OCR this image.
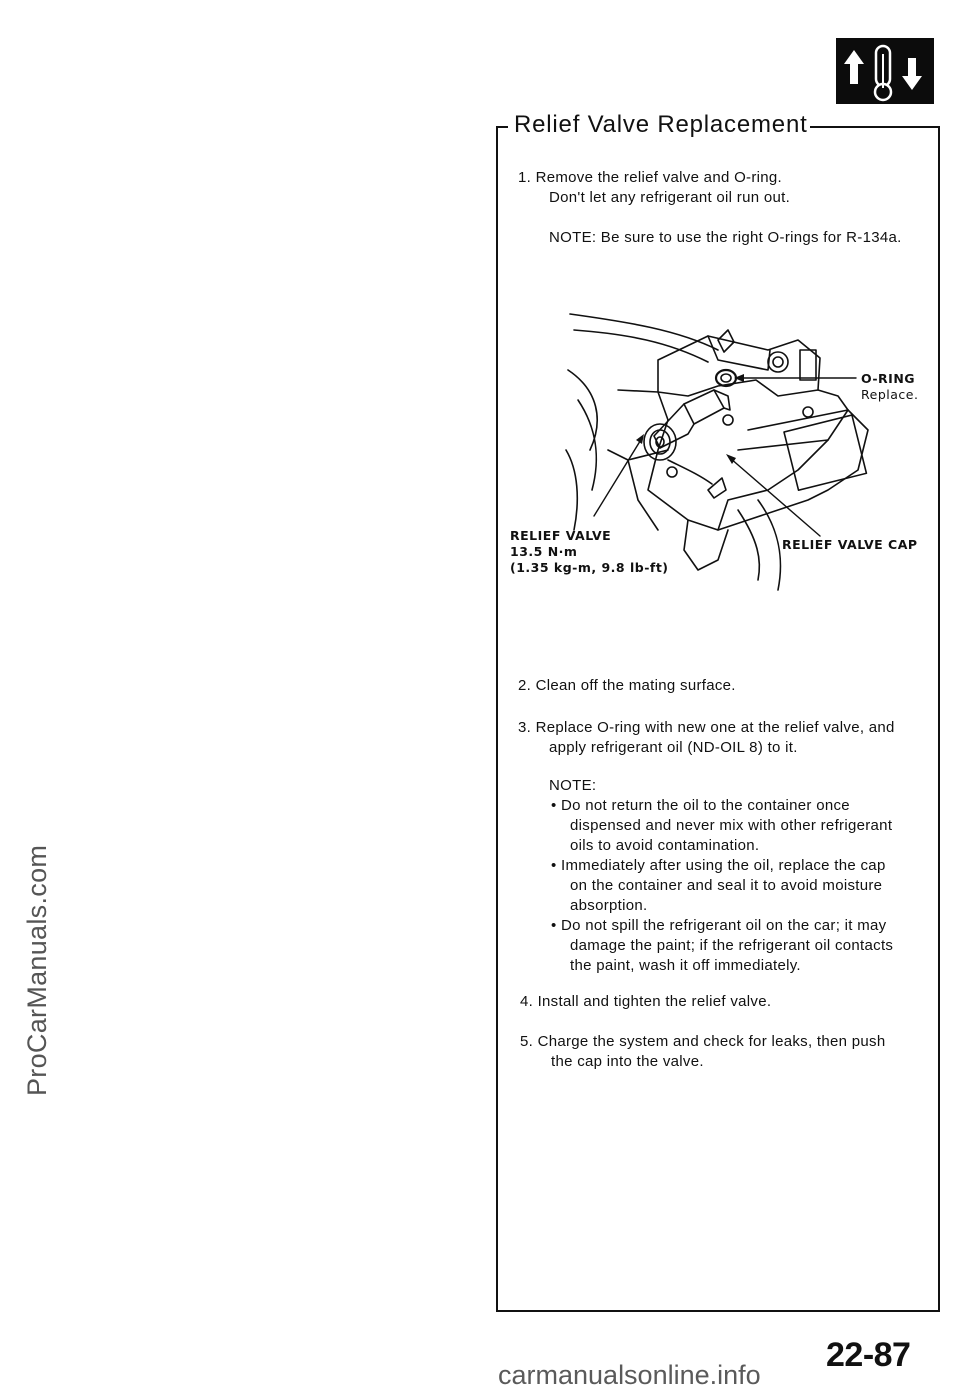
ProCarManuals.com
Relief Valve Replacement
1. Remove the relief valve and O-ring.
Don't let any refrigerant oil run out.
NOTE: Be sure to use the right O-rings for R-134a.
O-RING
Replace.
RELIEF VALVE
13.5 N·m
(1.35 kg-m, 9.8 lb-ft)
RELIEF VALVE CAP
2. Clean off the mating surface.
3. Replace O-ring with new one at the relief valve, and
apply refrigerant oil (ND-OIL 8) to it.
NOTE:
• Do not return the oil to the container once
dispensed and never mix with other refrigerant
oils to avoid contamination.
• Immediately after using the oil, replace the cap
on the container and seal it to avoid moisture
absorption.
• Do not spill the refrigerant oil on the car; it may
damage the paint; if the refrigerant oil contacts
the paint, wash it off immediately.
4. Install and tighten the relief valve.
5. Charge the system and check for leaks, then push
the cap into the valve.
22-87
carmanualsonline.info
